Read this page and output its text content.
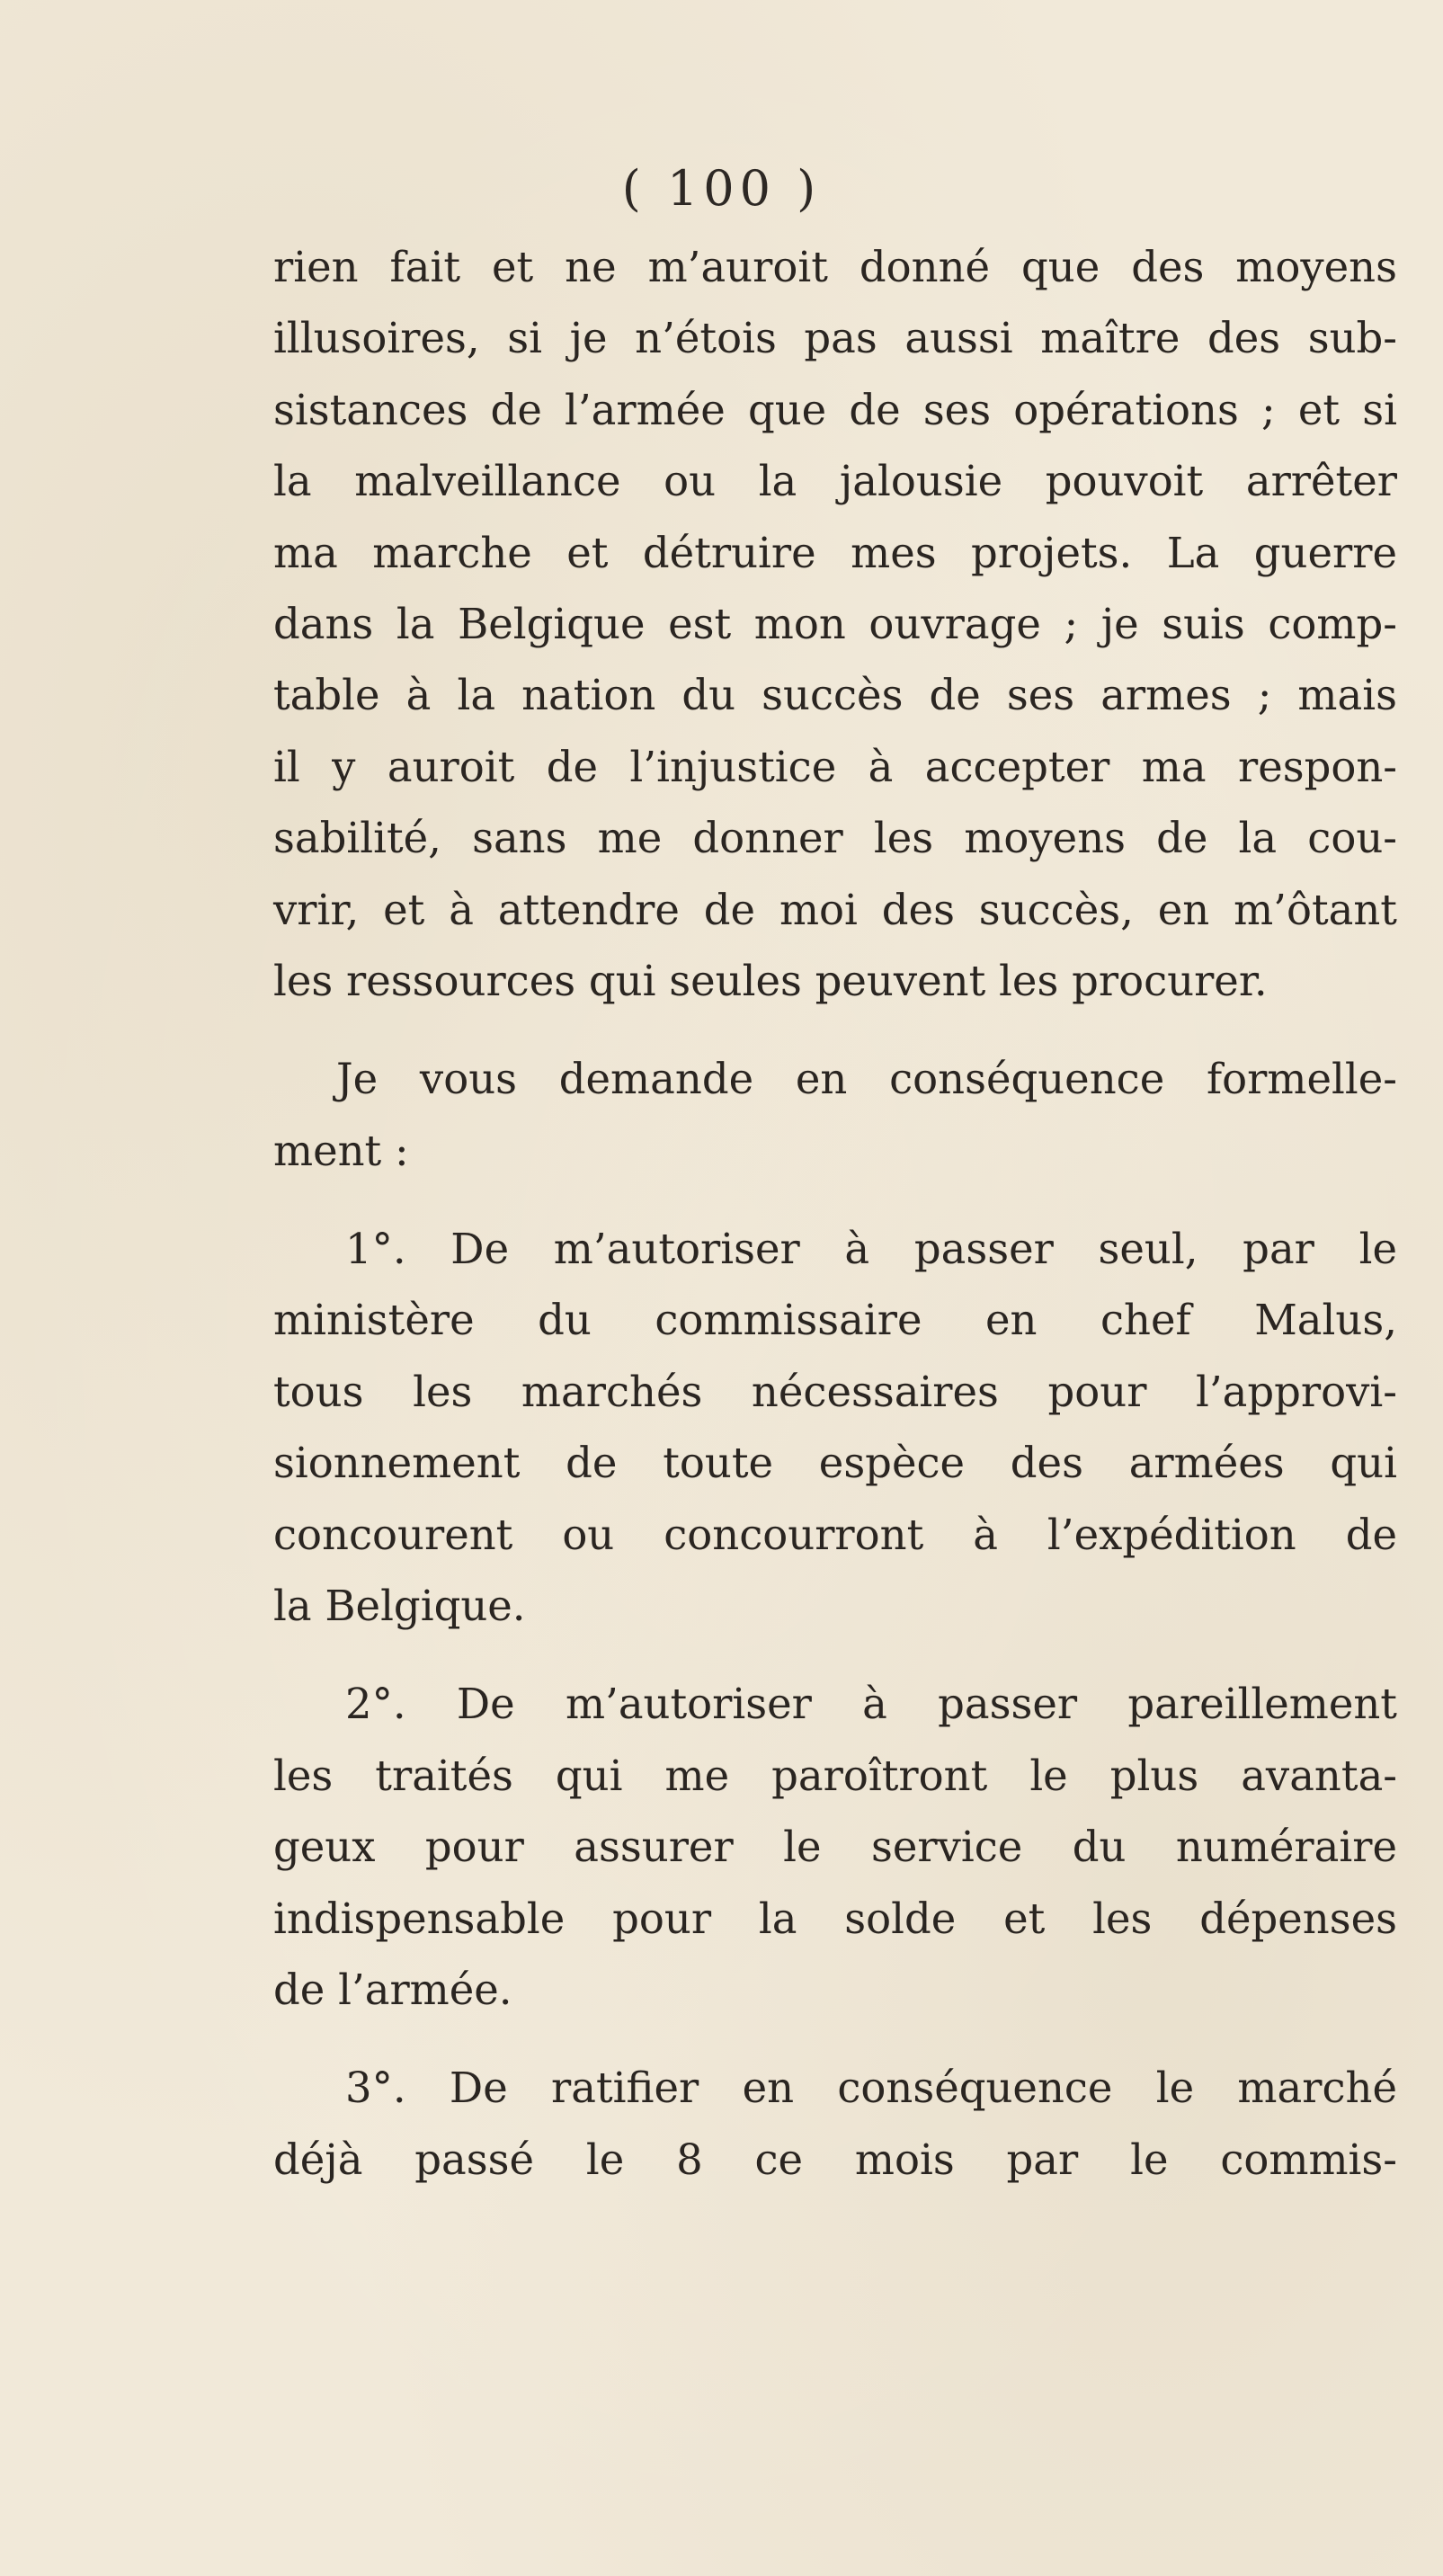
( 100 )
rien fait et ne m’auroit donné que des moyens
illusoires, si je n’étois pas aussi maître des sub-
sistances de l’armée que de ses opérations ; et si
la malveillance ou la jalousie pouvoit arrêter
ma marche et détruire mes projets. La guerre
dans la Belgique est mon ouvrage ; je suis comp-
table à la nation du succès de ses armes ; mais
il y auroit de l’injustice à accepter ma respon-
sabilité, sans me donner les moyens de la cou-
vrir, et à attendre de moi des succès, en m’ôtant
les ressources qui seules peuvent les procurer.
Je vous demande en conséquence formelle-
ment :
1°. De m’autoriser à passer seul, par le
ministère du commissaire en chef Malus,
tous les marchés nécessaires pour l’approvi-
sionnement de toute espèce des armées qui
concourent ou concourront à l’expédition de
la Belgique.
2°. De m’autoriser à passer pareillement
les traités qui me paroîtront le plus avanta-
geux pour assurer le service du numéraire
indispensable pour la solde et les dépenses
de l’armée.
3°. De ratifier en conséquence le marché
déjà passé le 8 ce mois par le commis-
